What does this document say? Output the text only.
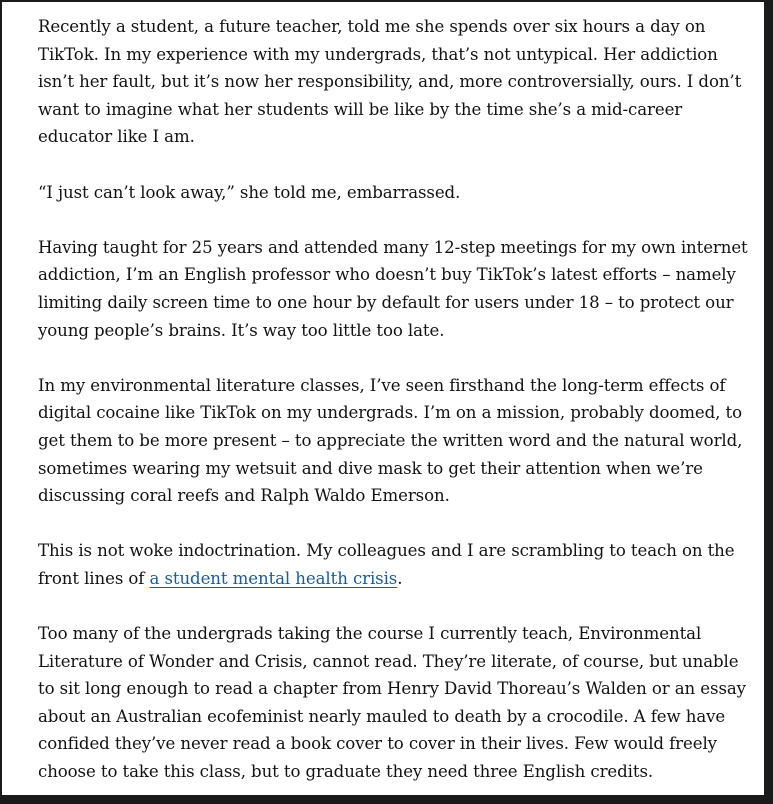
Recently a student, a future teacher, told me she spends over six hours a day on TikTok. In my experience with my undergrads, that’s not untypical. Her addiction isn’t her fault, but it’s now her responsibility, and, more controversially, ours. I don’t want to imagine what her students will be like by the time she’s a mid-career educator like I am.

“I just can’t look away,” she told me, embarrassed.

Having taught for 25 years and attended many 12-step meetings for my own internet addiction, I’m an English professor who doesn’t buy TikTok’s latest efforts – namely limiting daily screen time to one hour by default for users under 18 – to protect our young people’s brains. It’s way too little too late.

In my environmental literature classes, I’ve seen firsthand the long-term effects of digital cocaine like TikTok on my undergrads. I’m on a mission, probably doomed, to get them to be more present – to appreciate the written word and the natural world, sometimes wearing my wetsuit and dive mask to get their attention when we’re discussing coral reefs and Ralph Waldo Emerson.

This is not woke indoctrination. My colleagues and I are scrambling to teach on the front lines of a student mental health crisis.

Too many of the undergrads taking the course I currently teach, Environmental Literature of Wonder and Crisis, cannot read. They’re literate, of course, but unable to sit long enough to read a chapter from Henry David Thoreau’s Walden or an essay about an Australian ecofeminist nearly mauled to death by a crocodile. A few have confided they’ve never read a book cover to cover in their lives. Few would freely choose to take this class, but to graduate they need three English credits.
